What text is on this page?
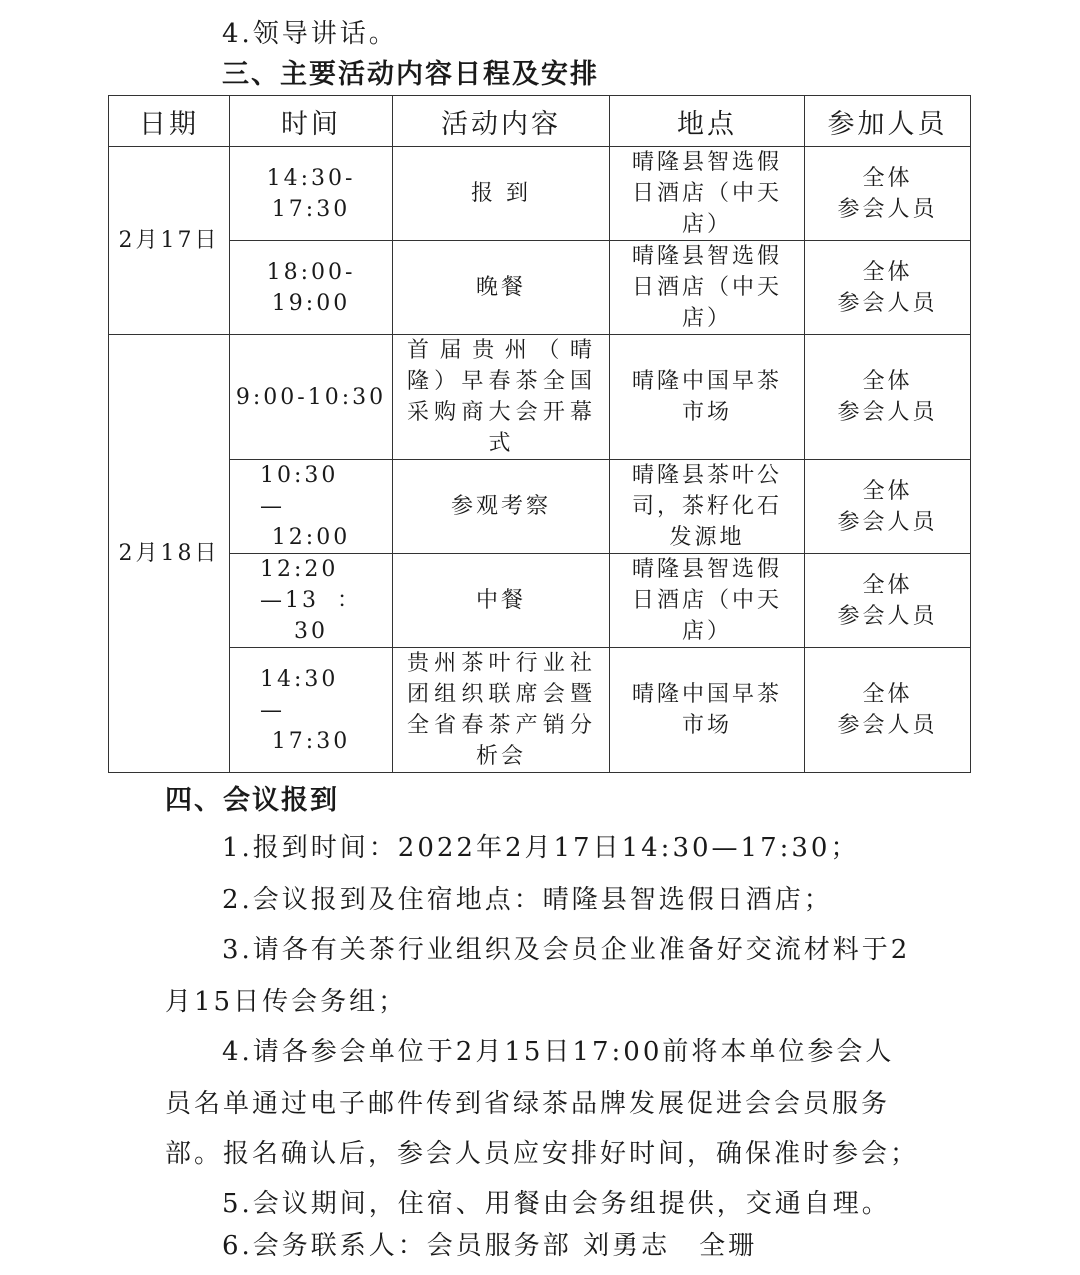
4.领导讲话。
三、主要活动内容日程及安排
日期	时间	活动内容	地点	参加人员
2月17日	14:30-17:30	报 到	晴隆县智选假日酒店（中天店）	全体
参会人员
	18:00-19:00	晚餐	晴隆县智选假日酒店（中天店）	全体
参会人员
2月18日	9:00-10:30	首届贵州（晴隆）早春茶全国采购商大会开幕式	晴隆中国早茶市场	全体
参会人员

	10:30—12:00	参观考察	晴隆县茶叶公司，茶籽化石发源地	全体
参会人员

	12:20—13：30	中餐	晴隆县智选假日酒店（中天店）	全体
参会人员

	14:30—17:30	贵州茶叶行业社团组织联席会暨全省春茶产销分析会	晴隆中国早茶市场	全体
参会人员
四、会议报到
1.报到时间：2022年2月17日14:30—17:30；
2.会议报到及住宿地点：晴隆县智选假日酒店；
3.请各有关茶行业组织及会员企业准备好交流材料于2
月15日传会务组；
4.请各参会单位于2月15日17:00前将本单位参会人
员名单通过电子邮件传到省绿茶品牌发展促进会会员服务
部。报名确认后，参会人员应安排好时间，确保准时参会；
5.会议期间，住宿、用餐由会务组提供，交通自理。
6.会务联系人：会员服务部 刘勇志　全珊
